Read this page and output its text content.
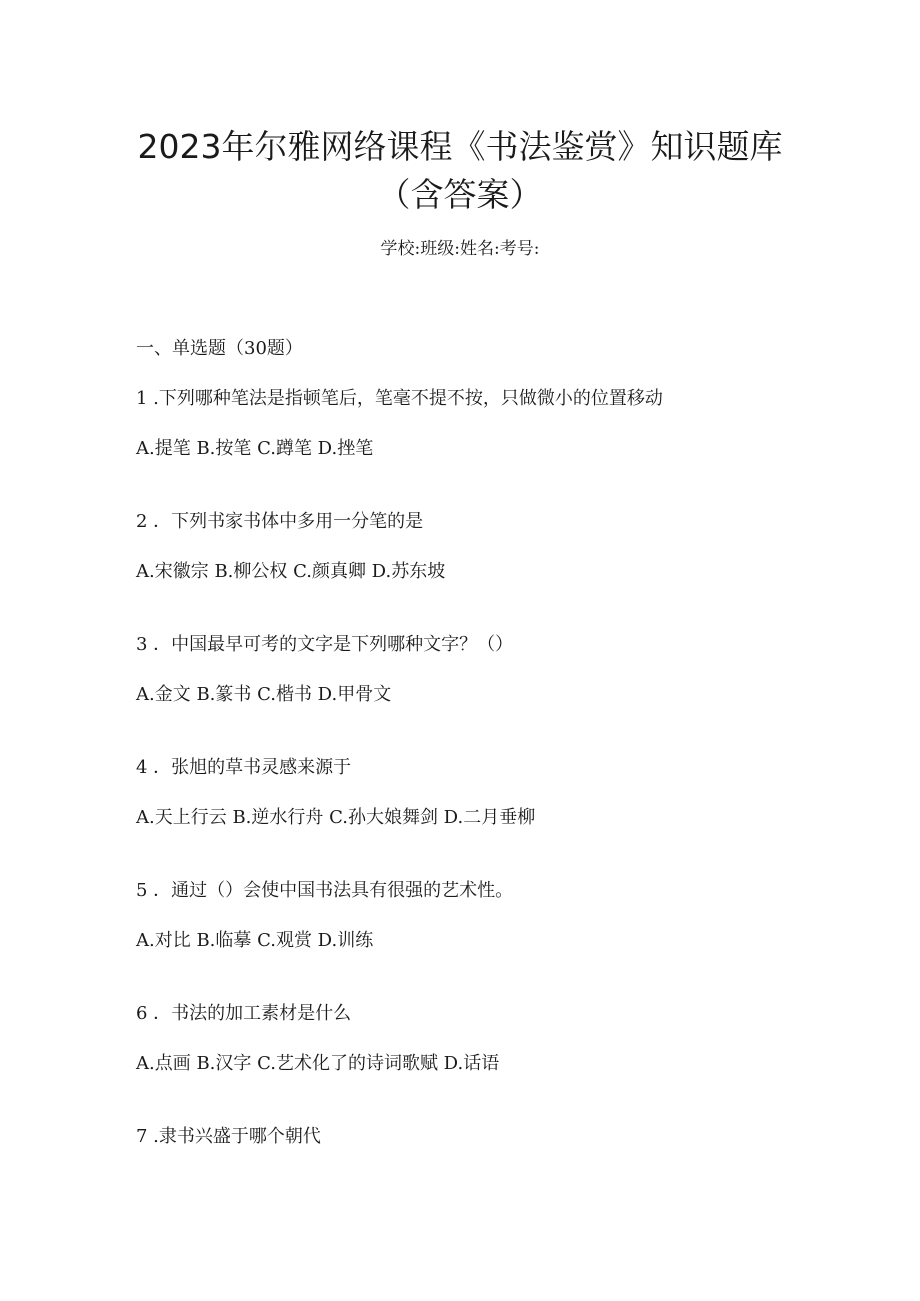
2023年尔雅网络课程《书法鉴赏》知识题库
（含答案）
学校:班级:姓名:考号:
一、单选题（30题）
1 .下列哪种笔法是指顿笔后，笔毫不提不按，只做微小的位置移动
A.提笔 B.按笔 C.蹲笔 D.挫笔
2 ．下列书家书体中多用一分笔的是
A.宋徽宗 B.柳公权 C.颜真卿 D.苏东坡
3 ．中国最早可考的文字是下列哪种文字？（）
A.金文 B.篆书 C.楷书 D.甲骨文
4 ．张旭的草书灵感来源于
A.天上行云 B.逆水行舟 C.孙大娘舞剑 D.二月垂柳
5 ．通过（）会使中国书法具有很强的艺术性。
A.对比 B.临摹 C.观赏 D.训练
6 ．书法的加工素材是什么
A.点画 B.汉字 C.艺术化了的诗词歌赋 D.话语
7 .隶书兴盛于哪个朝代
